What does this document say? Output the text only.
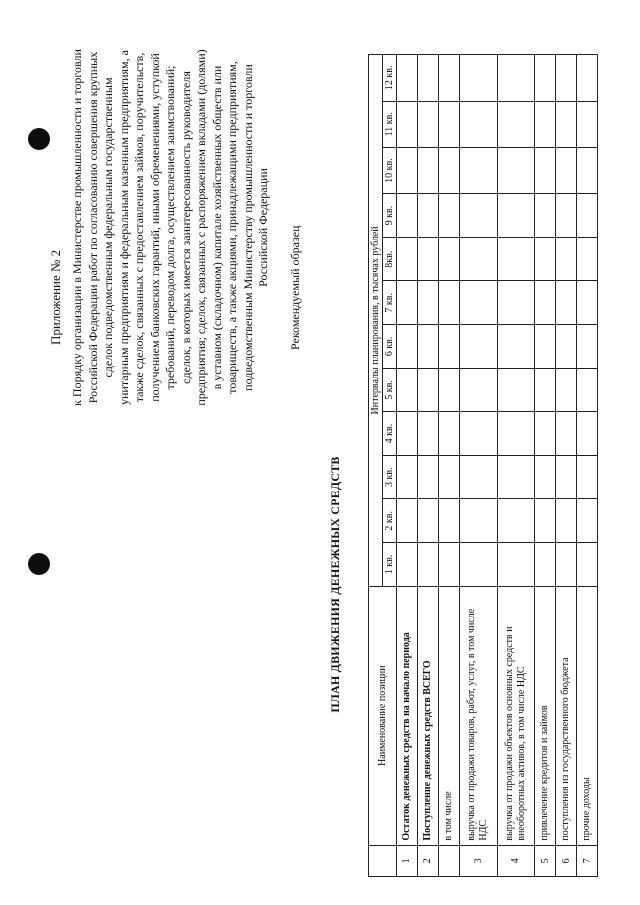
Приложение № 2 к Порядку организации в Министерстве промышленности и торговли Российской Федерации работ по согласованию совершения крупных сделок подведомственным федеральным государственным унитарным предприятиям и федеральным казенным предприятиям, а также сделок, связанных с предоставлением займов, поручительств, получением банковских гарантий, иными обременениями, уступкой требований, переводом долга, осуществлением заимствований; сделок, в которых имеется заинтересованность руководителя предприятия; сделок, связанных с распоряжением вкладами (долями) в уставном (складочном) капитале хозяйственных обществ или товариществ, а также акциями, принадлежащими предприятиям, подведомственным Министерству промышленности и торговли Российской Федерации Рекомендуемый образец
ПЛАН ДВИЖЕНИЯ ДЕНЕЖНЫХ СРЕДСТВ
	Наименование позиции	Интервалы планирования, в тысячах рублей											
		1 кв.	2 кв.	3 кв.	4 кв.	5 кв.	6 кв.	7 кв.	8кв.	9 кв.	10 кв.	11 кв.	12 кв.
1	Остаток денежных средств на начало периода												
2	Поступление денежных средств ВСЕГО												
	в том числе												
3	выручка от продажи товаров, работ, услуг, в том числе НДС												
4	выручка от продажи объектов основных средств и внеоборотных активов, в том числе НДС												
5	привлечение кредитов и займов												
6	поступления из государственного бюджета												
7	прочие доходы												
